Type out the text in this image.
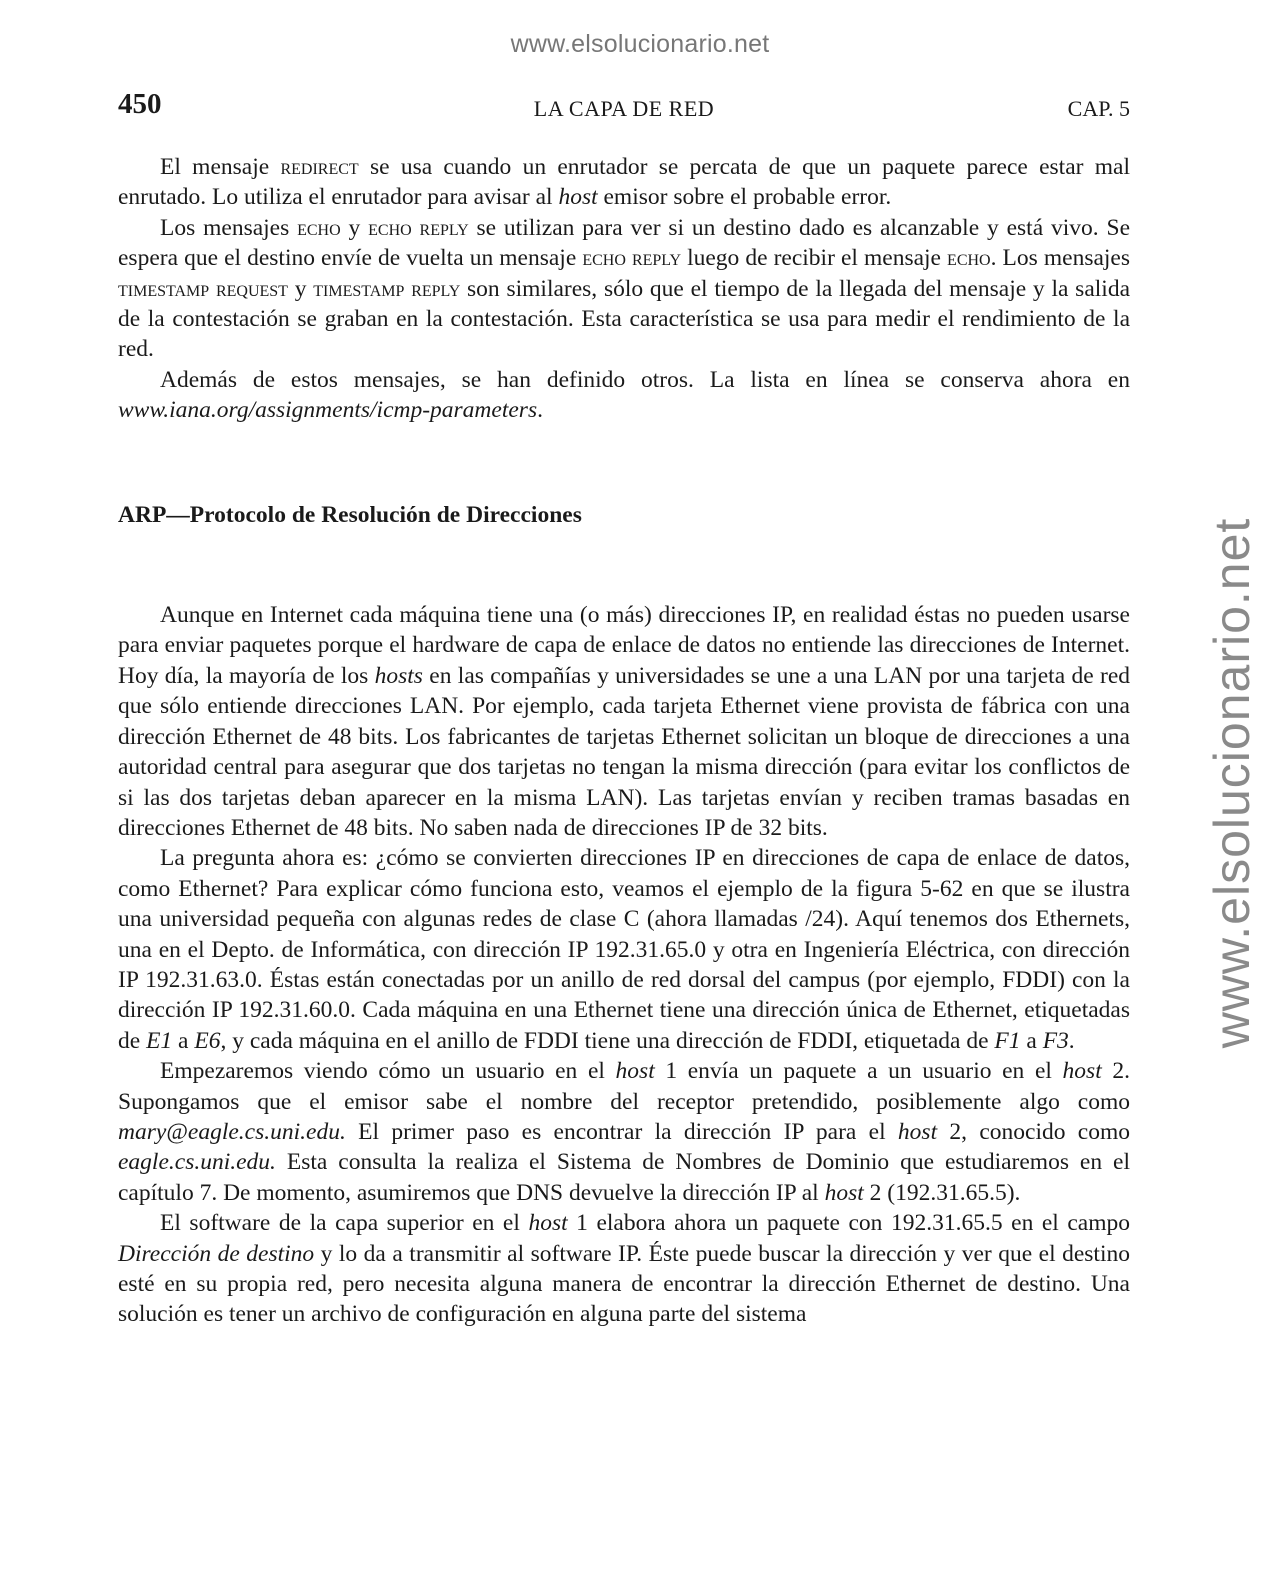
www.elsolucionario.net
www.elsolucionario.net
450	LA CAPA DE RED	CAP. 5

El mensaje redirect se usa cuando un enrutador se percata de que un paquete parece estar mal enrutado. Lo utiliza el enrutador para avisar al host emisor sobre el probable error.

Los mensajes echo y echo reply se utilizan para ver si un destino dado es alcanzable y está vivo. Se espera que el destino envíe de vuelta un mensaje echo reply luego de recibir el mensaje echo. Los mensajes timestamp request y timestamp reply son similares, sólo que el tiempo de la llegada del mensaje y la salida de la contestación se graban en la contestación. Esta característica se usa para medir el rendimiento de la red.

Además de estos mensajes, se han definido otros. La lista en línea se conserva ahora en www.iana.org/assignments/icmp-parameters.

ARP—Protocolo de Resolución de Direcciones

Aunque en Internet cada máquina tiene una (o más) direcciones IP, en realidad éstas no pueden usarse para enviar paquetes porque el hardware de capa de enlace de datos no entiende las direcciones de Internet. Hoy día, la mayoría de los hosts en las compañías y universidades se une a una LAN por una tarjeta de red que sólo entiende direcciones LAN. Por ejemplo, cada tarjeta Ethernet viene provista de fábrica con una dirección Ethernet de 48 bits. Los fabricantes de tarjetas Ethernet solicitan un bloque de direcciones a una autoridad central para asegurar que dos tarjetas no tengan la misma dirección (para evitar los conflictos de si las dos tarjetas deban aparecer en la misma LAN). Las tarjetas envían y reciben tramas basadas en direcciones Ethernet de 48 bits. No saben nada de direcciones IP de 32 bits.

La pregunta ahora es: ¿cómo se convierten direcciones IP en direcciones de capa de enlace de datos, como Ethernet? Para explicar cómo funciona esto, veamos el ejemplo de la figura 5-62 en que se ilustra una universidad pequeña con algunas redes de clase C (ahora llamadas /24). Aquí tenemos dos Ethernets, una en el Depto. de Informática, con dirección IP 192.31.65.0 y otra en Ingeniería Eléctrica, con dirección IP 192.31.63.0. Éstas están conectadas por un anillo de red dorsal del campus (por ejemplo, FDDI) con la dirección IP 192.31.60.0. Cada máquina en una Ethernet tiene una dirección única de Ethernet, etiquetadas de E1 a E6, y cada máquina en el anillo de FDDI tiene una dirección de FDDI, etiquetada de F1 a F3.

Empezaremos viendo cómo un usuario en el host 1 envía un paquete a un usuario en el host 2. Supongamos que el emisor sabe el nombre del receptor pretendido, posiblemente algo como mary@eagle.cs.uni.edu. El primer paso es encontrar la dirección IP para el host 2, conocido como eagle.cs.uni.edu. Esta consulta la realiza el Sistema de Nombres de Dominio que estudiaremos en el capítulo 7. De momento, asumiremos que DNS devuelve la dirección IP al host 2 (192.31.65.5).

El software de la capa superior en el host 1 elabora ahora un paquete con 192.31.65.5 en el campo Dirección de destino y lo da a transmitir al software IP. Éste puede buscar la dirección y ver que el destino esté en su propia red, pero necesita alguna manera de encontrar la dirección Ethernet de destino. Una solución es tener un archivo de configuración en alguna parte del sistema
